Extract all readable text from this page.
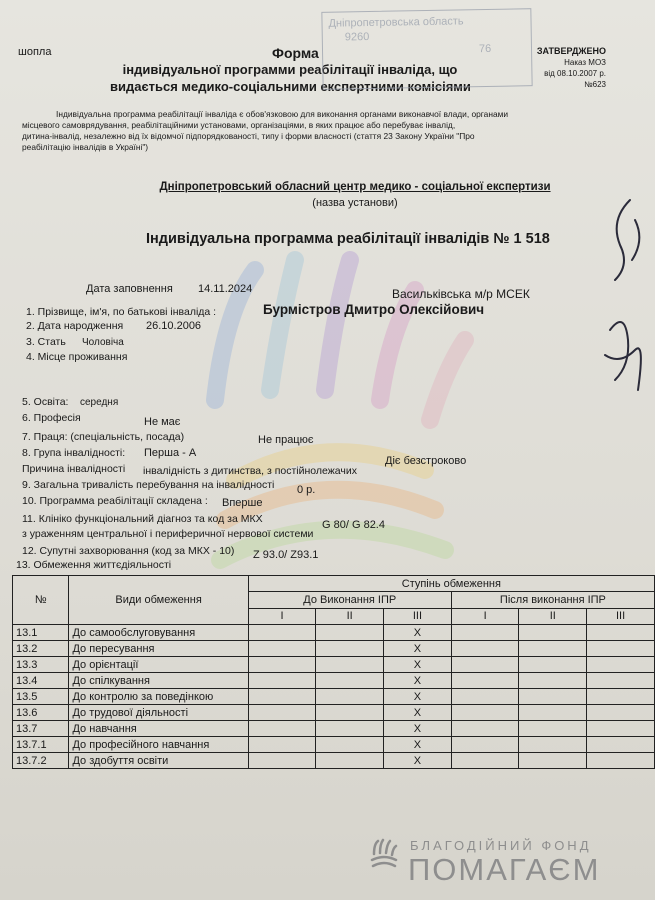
шопла	Форма
індивідуальної программи реабілітації інваліда, що
видається медико-соціальними експертними комісіями
Дніпропетровська область
9260
76	ЗАТВЕРДЖЕНО
Наказ МОЗ
від 08.10.2007 р.
№623
Індивідуальна программа реабілітації інваліда є обов'язковою для виконання органами виконавчої влади, органами
місцевого самоврядування, реабілітаційними установами, організаціями, в яких працює або перебуває інвалід,
дитина-інвалід, незалежно від їх відомчої підпорядкованості, типу і форми власності (стаття 23 Закону України "Про
реабілітацію інвалідів в Україні")
Дніпропетровський обласний центр медико - соціальної експертизи
(назва установи)
Індивідуальна программа реабілітації інвалідів № 1 518
Дата заповнення 14.11.2024	Васильківська м/р МСЕК
1. Прізвище, ім'я, по батькові інваліда :	Бурмістров Дмитро Олексійович
2. Дата народження 26.10.2006
3. Стать Чоловіча
4. Місце проживання
5. Освіта: середня
6. Професія	Не має
7. Праця: (спеціальність, посада)	Не працює
8. Група інвалідності: Перша - А
Діє безстроково
Причина інвалідності інвалідність з дитинства, з постійнолежачих
9. Загальна тривалість перебування на інвалідності 0 р.
10. Программа реабілітації складена : Вперше
11. Клініко функціональний діагноз та код за МКХ	G 80/ G 82.4
з ураженням центральної і периферичної нервової системи
12. Супутні захворювання (код за МКХ - 10) Z 93.0/ Z93.1
13. Обмеження життєдіяльності
№	Види обмеження	Ступінь обмеження					
		До Виконання ІПР			Після виконання ІПР		
		І	ІІ	ІІІ	І	ІІ	ІІІ
13.1	До самообслуговування			Х			
13.2	До пересування			Х			
13.3	До орієнтації			Х			
13.4	До спілкування			Х			
13.5	До контролю за поведінкою			Х			
13.6	До трудової діяльності			Х			
13.7	До навчання			Х			
13.7.1	До професійного навчання			Х			
13.7.2	До здобуття освіти			Х			
БЛАГОДІЙНИЙ ФОНД
ПОМАГАЄМ
